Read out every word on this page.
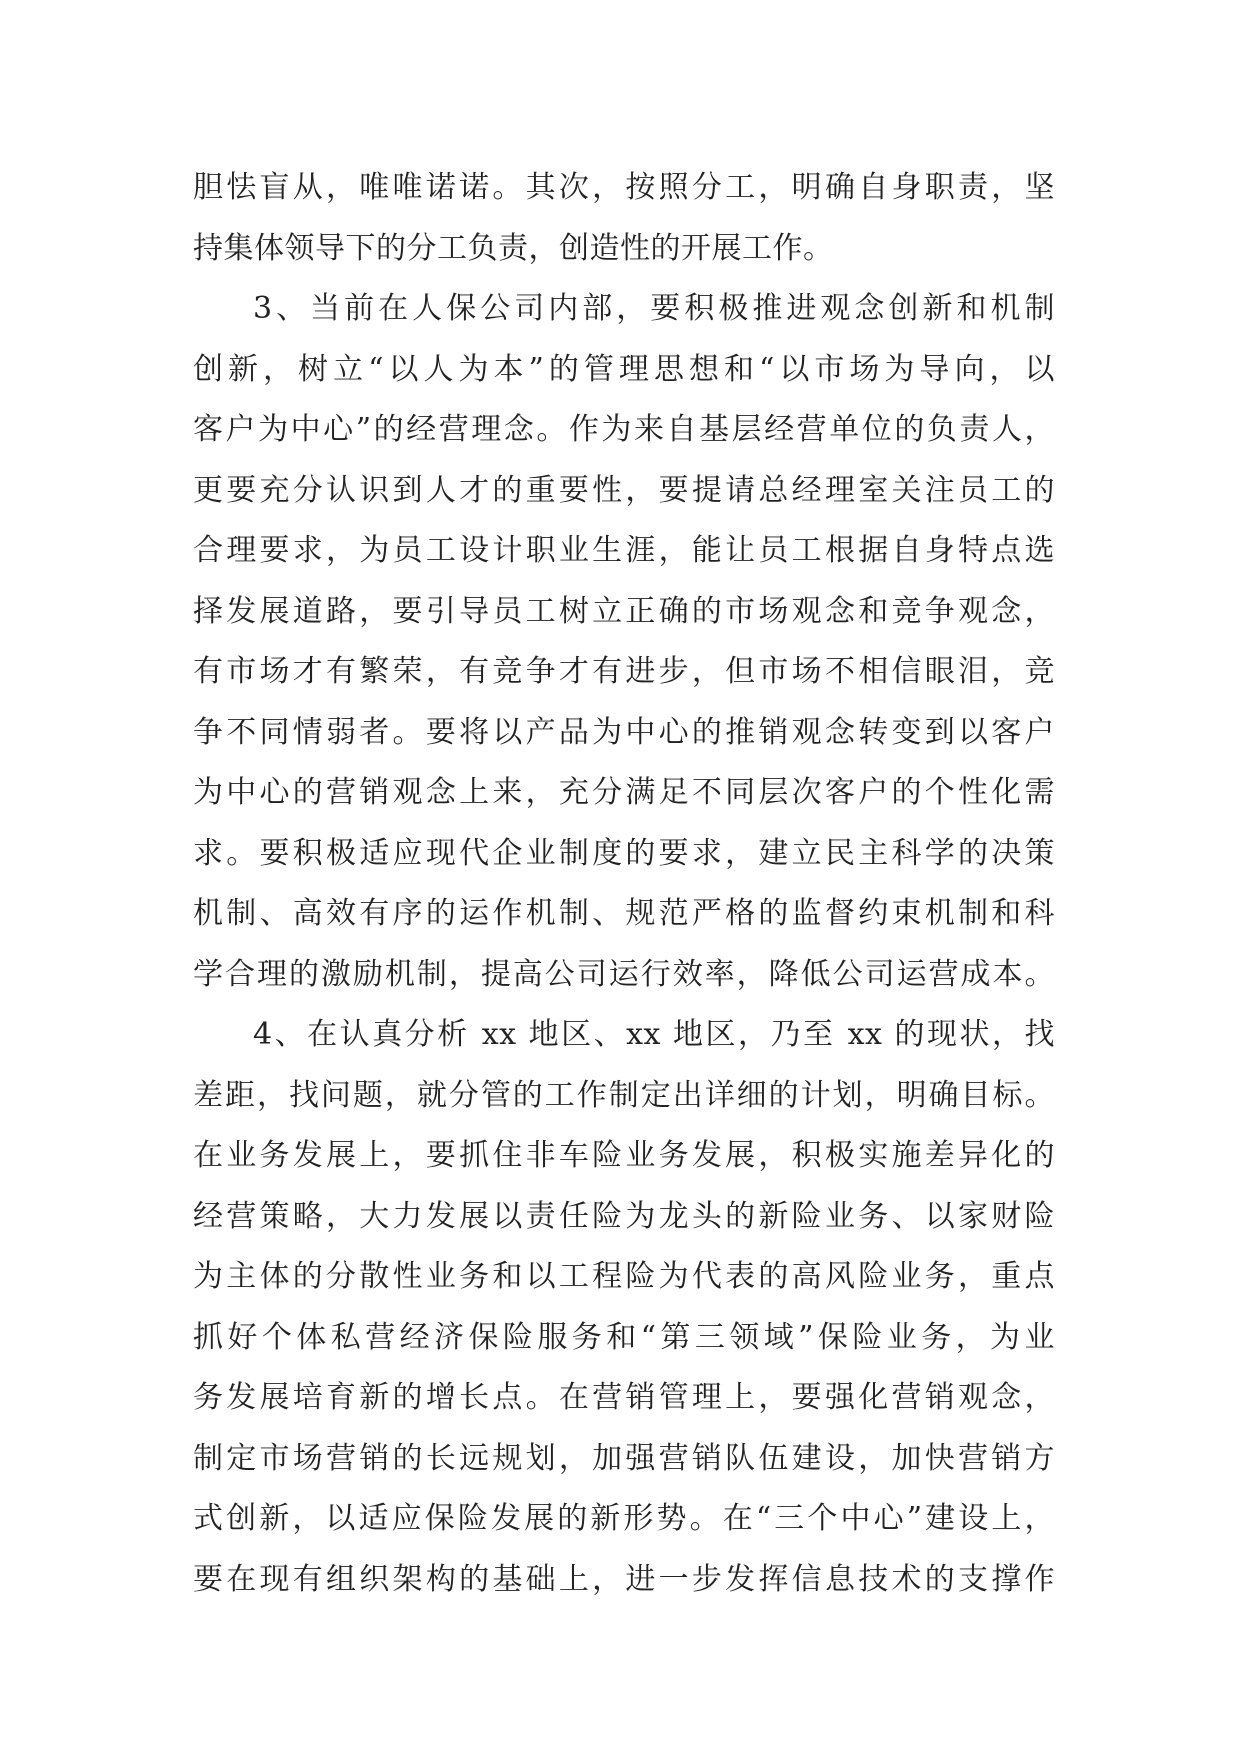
胆怯盲从，唯唯诺诺。其次，按照分工，明确自身职责，坚
持集体领导下的分工负责，创造性的开展工作。
3、当前在人保公司内部，要积极推进观念创新和机制
创新，树立“以人为本”的管理思想和“以市场为导向，以
客户为中心”的经营理念。作为来自基层经营单位的负责人，
更要充分认识到人才的重要性，要提请总经理室关注员工的
合理要求，为员工设计职业生涯，能让员工根据自身特点选
择发展道路，要引导员工树立正确的市场观念和竞争观念，
有市场才有繁荣，有竞争才有进步，但市场不相信眼泪，竞
争不同情弱者。要将以产品为中心的推销观念转变到以客户
为中心的营销观念上来，充分满足不同层次客户的个性化需
求。要积极适应现代企业制度的要求，建立民主科学的决策
机制、高效有序的运作机制、规范严格的监督约束机制和科
学合理的激励机制，提高公司运行效率，降低公司运营成本。
4、在认真分析 xx 地区、xx 地区，乃至 xx 的现状，找
差距，找问题，就分管的工作制定出详细的计划，明确目标。
在业务发展上，要抓住非车险业务发展，积极实施差异化的
经营策略，大力发展以责任险为龙头的新险业务、以家财险
为主体的分散性业务和以工程险为代表的高风险业务，重点
抓好个体私营经济保险服务和“第三领域”保险业务，为业
务发展培育新的增长点。在营销管理上，要强化营销观念，
制定市场营销的长远规划，加强营销队伍建设，加快营销方
式创新，以适应保险发展的新形势。在“三个中心”建设上，
要在现有组织架构的基础上，进一步发挥信息技术的支撑作
